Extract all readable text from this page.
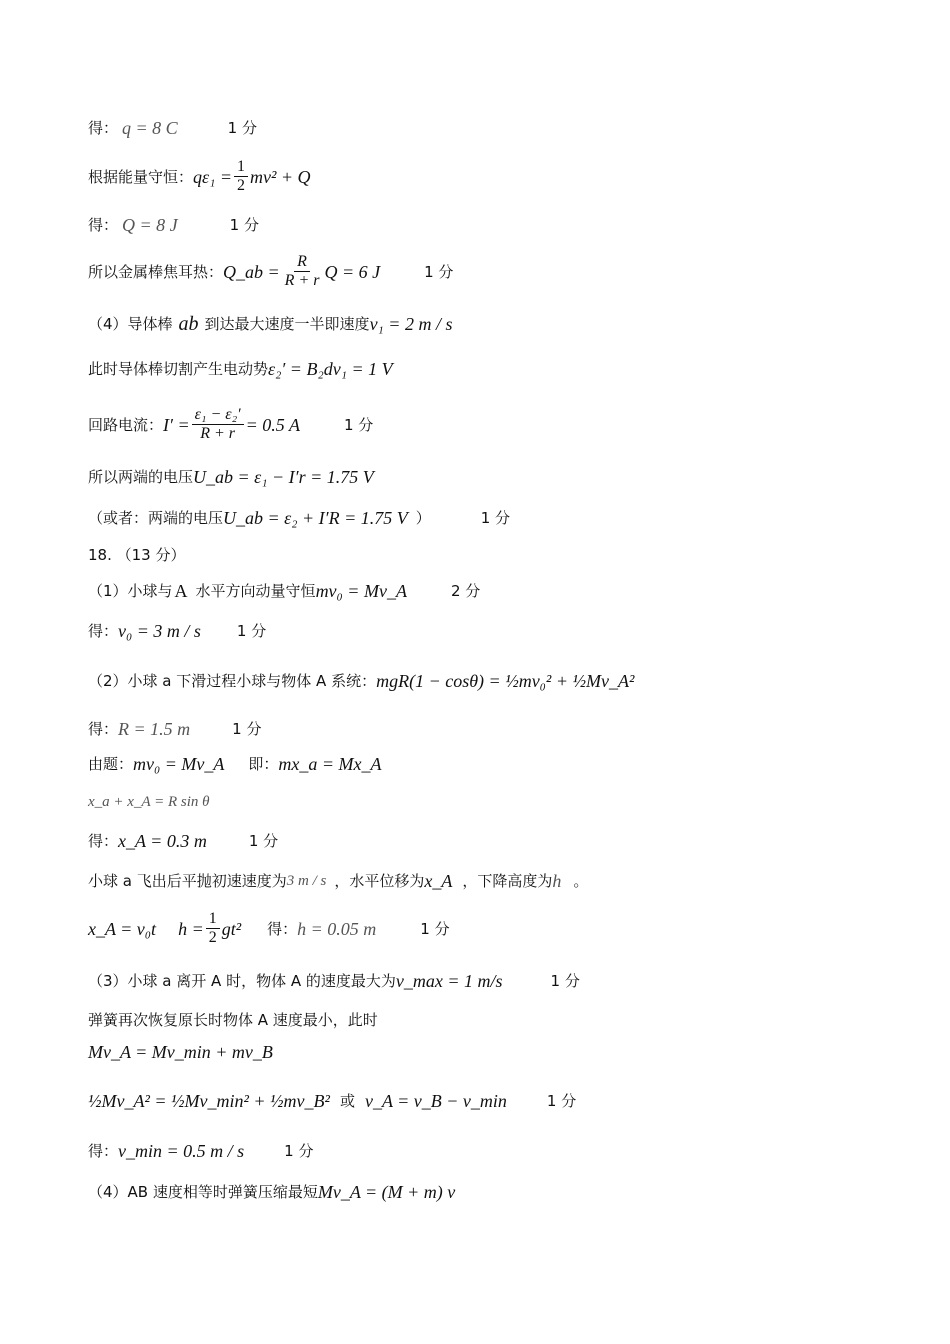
得： q = 8 C	1 分
根据能量守恒： $q\varepsilon_1 = \frac{1}{2} mv^2 + Q$
得： Q = 8 J	1 分
所以金属棒焦耳热： Q_ab = $\frac{R}{R + r}$ Q = 6 J	1 分
（4）导体棒 ab 到达最大速度一半即速度 v₁ = 2 m / s
此时导体棒切割产生电动势 ε₂′ = B₂dv₁ = 1 V
回路电流： $I' = \frac{\text{ε₁ − ε₂′}}{R + r} = 0.5$ A	1 分
所以两端的电压 U_ab = ε₁ − I′r = 1.75 V
（或者：两端的电压 U_ab = ε₂ + I′R = 1.75 V ）	1 分
18. （13 分）
（1）小球与 A 水平方向动量守恒 mv₀ = Mv_A	2 分
得： v₀ = 3 m / s 1 分
（2）小球 a 下滑过程小球与物体 A 系统： mgR(1 − cosθ) = ½mv₀² + ½Mv_A²
得： R = 1.5 m	1 分
由题： mv₀ = Mv_A 即： mx_a = Mx_A
x_a + x_A = R sin θ
得： x_A = 0.3 m	1 分
小球 a 飞出后平抛初速速度为 3 m / s ，水平位移为 x_A ，下降高度为 h 。
x_A = v₀t $h = \frac{1}{2} gt^2$ 得： h = 0.05 m	1 分
（3）小球 a 离开 A 时，物体 A 的速度最大为 v_max = 1 m/s	1 分
弹簧再次恢复原长时物体 A 速度最小，此时
Mv_A = Mv_min + mv_B
½Mv_A² = ½Mv_min² + ½mv_B² 或 v_A = v_B − v_min	1 分
得： v_min = 0.5 m / s	1 分
（4）AB 速度相等时弹簧压缩最短 Mv_A = (M + m) v
